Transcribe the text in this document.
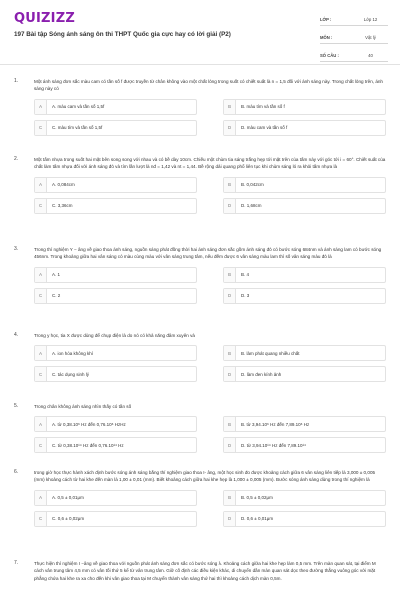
QUIZIZZ
197 Bài tập Sóng ánh sáng ôn thi THPT Quốc gia cực hay có lời giải (P2)
LỚP :	Lớp 12
MÔN :	Vật lý
SỐ CÂU :	40
1.	Một ánh sáng đơn sắc màu cam có tần số f được truyền từ chân không vào một chất lỏng trong suốt có chiết suất là n = 1,5 đối với ánh sáng này. Trong chất lỏng trên, ánh sáng này có
A	A. màu cam và tần số 1,5f	B	B. màu tím và tần số f
C	C. màu tím và tần số 1,5f	D	D. màu cam và tần số f
2.	Một tấm nhựa trong suốt hai mặt bên song song với nhau và có bề dày 10cm. Chiếu một chùm tia sáng trắng hẹp tới mặt trên của tấm này với góc tới i = 60°. Chiết suất của chất làm tấm nhựa đối với ánh sáng đỏ và tím lần lượt là nđ = 1,42 và nt = 1,44. Bề rộng dải quang phổ liên tục khi chùm sáng ló ra khỏi tấm nhựa là
A	A. 0,084cm	B	B. 0,042cm
C	C. 3,36cm	D	D. 1,68cm
3.	Trong thí nghiệm Y − âng về giao thoa ánh sáng, nguồn sáng phát đồng thời hai ánh sáng đơn sắc gồm ánh sáng đỏ có bước sóng 684nm và ánh sáng lam có bước sóng 456nm. Trong khoảng giữa hai vân sáng có màu cùng màu với vân sáng trung tâm, nếu đếm được 6 vân sáng màu lam thì số vân sáng màu đỏ là
A	A. 1	B	B. 4
C	C. 2	D	D. 3
4.	Trong y học, tia X được dùng để chụp điện là do nó có khả năng đâm xuyên và
A	A. ion hóa không khí	B	B. làm phát quang nhiều chất
C	C. tác dụng sinh lý	D	D. làm đen kính ảnh
5.	Trong chân không ánh sáng nhìn thấy có tần số
A	A. từ 0,38.10⁶ Hz đến 0,76.10⁶ HzHz	B	B. từ 3,94.10⁶ Hz đến 7,89.10⁶ Hz
C	C. từ 0,38.10¹⁴ Hz đến 0,76.10¹⁴ Hz	D	D. từ 3,94.10¹⁴ Hz đến 7,89.10¹⁴
6.	trong giờ học thực hành xách định bước sóng ánh sáng bằng thí nghiệm giao thoa I- âng, một học sinh đo được khoảng cách giữa 6 vân sáng liên tiếp là 3,000 ± 0,005 (mm) khoảng cách từ hai khe đến màn là 1,00 ± 0,01 (mm). Biết khoảng cách giữa hai khe hẹp là 1,000 ± 0,005 (mm). Bước sóng ánh sáng dùng trong thí nghiệm là
A	A. 0,5 ± 0,01μm	B	B. 0,5 ± 0,02μm
C	C. 0,6 ± 0,02μm	D	D. 0,6 ± 0,01μm
7.	Thực hiện thí nghiệm I −âng về giao thoa với nguồn phát ánh sáng đơn sắc có bước sóng λ. Khoảng cách giữa hai khe hẹp làm 0,5 mm. Trên màn quan sát, tại điểm M cách vân trung tâm 4,5 mm có vân tối thứ 5 kể từ vân trung tâm. Giữ cố định các điều kiện khác, di chuyển dần màn quan sát dọc theo đường thẳng vuông góc với mặt phẳng chứa hai khe ra xa cho đến khi vân giao thoa tại M chuyển thành vân sáng thứ hai thì khoảng cách dịch màn 0,5m.
